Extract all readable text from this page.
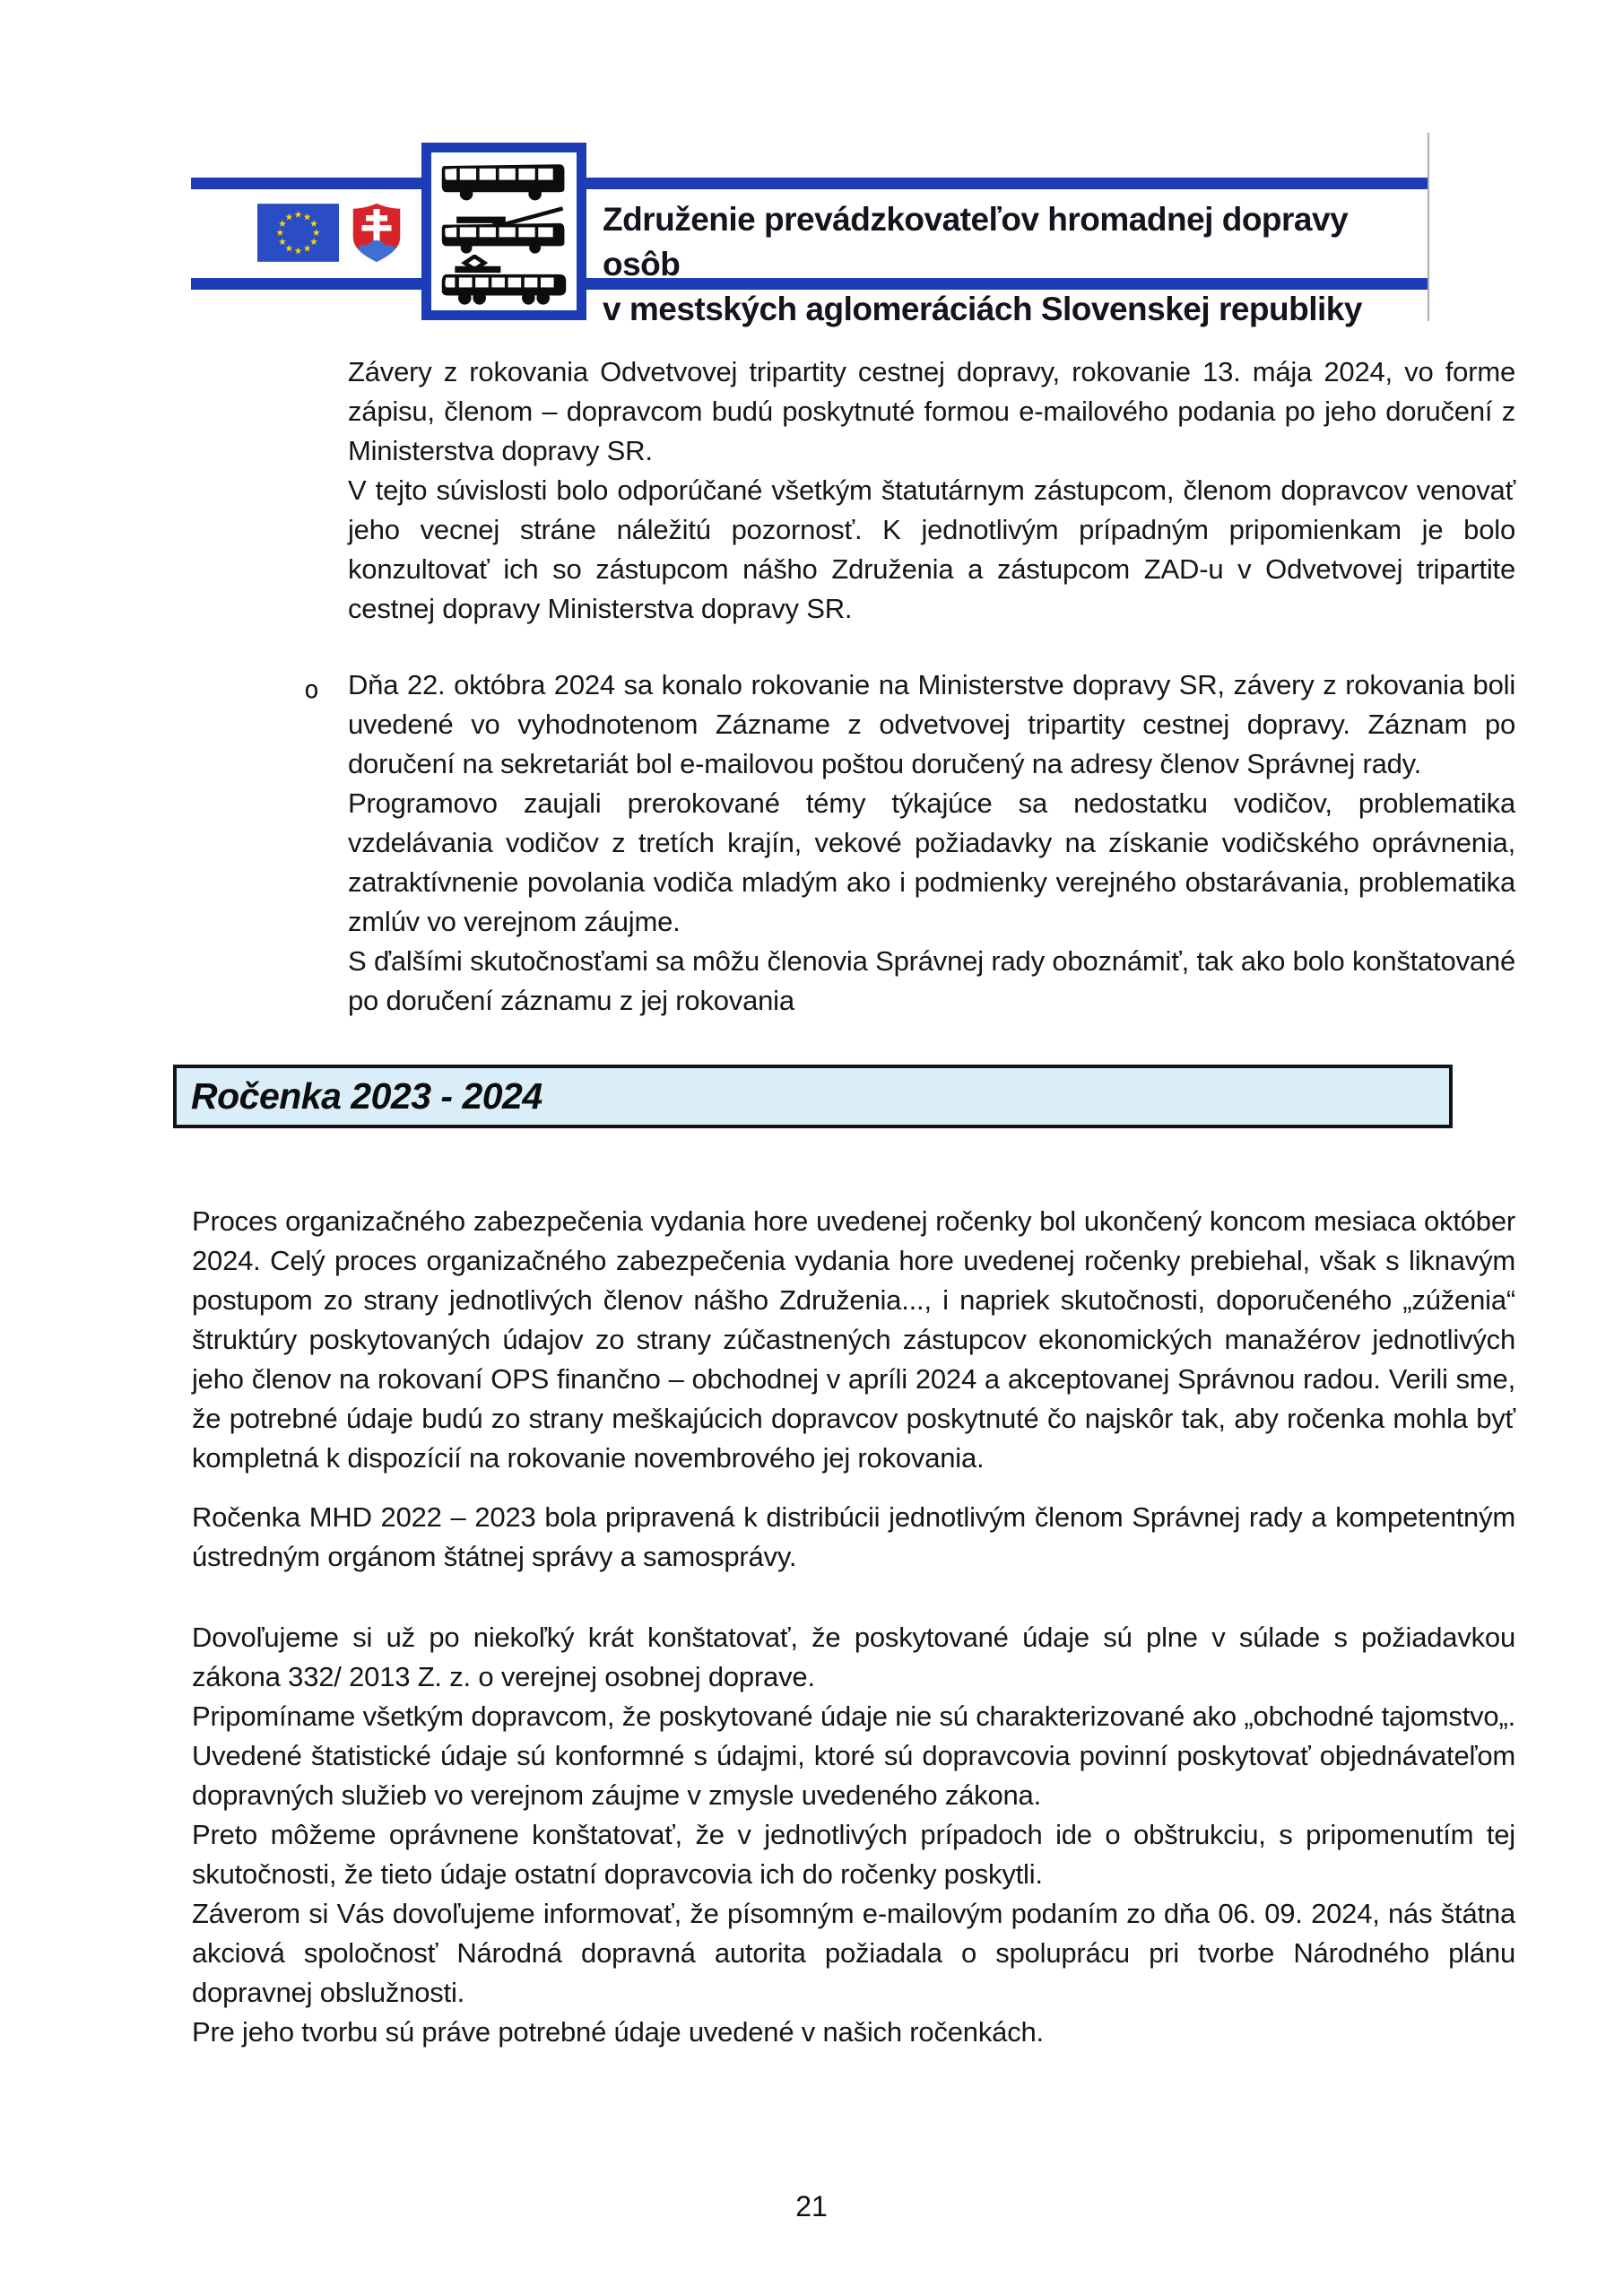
Združenie prevádzkovateľov hromadnej dopravy osôb
v mestských aglomeráciách Slovenskej republiky

Závery z rokovania Odvetvovej tripartity cestnej dopravy, rokovanie 13. mája 2024, vo forme zápisu, členom – dopravcom budú poskytnuté formou e-mailového podania po jeho doručení z Ministerstva dopravy SR.

V tejto súvislosti bolo odporúčané všetkým štatutárnym zástupcom, členom dopravcov venovať jeho vecnej stráne náležitú pozornosť. K jednotlivým prípadným pripomienkam je bolo konzultovať ich so zástupcom nášho Združenia a zástupcom ZAD-u v Odvetvovej tripartite cestnej dopravy Ministerstva dopravy SR.

o Dňa 22. októbra 2024 sa konalo rokovanie na Ministerstve dopravy SR, závery z rokovania boli uvedené vo vyhodnotenom Zázname z odvetvovej tripartity cestnej dopravy. Záznam po doručení na sekretariát bol e-mailovou poštou doručený na adresy členov Správnej rady.

Programovo zaujali prerokované témy týkajúce sa nedostatku vodičov, problematika vzdelávania vodičov z tretích krajín, vekové požiadavky na získanie vodičského oprávnenia, zatraktívnenie povolania vodiča mladým ako i podmienky verejného obstarávania, problematika zmlúv vo verejnom záujme.

S ďalšími skutočnosťami sa môžu členovia Správnej rady oboznámiť, tak ako bolo konštatované po doručení záznamu z jej rokovania

Ročenka 2023 - 2024

Proces organizačného zabezpečenia vydania hore uvedenej ročenky bol ukončený koncom mesiaca október 2024. Celý proces organizačného zabezpečenia vydania hore uvedenej ročenky prebiehal, však s liknavým postupom zo strany jednotlivých členov nášho Združenia..., i napriek skutočnosti, doporučeného „zúženia“ štruktúry poskytovaných údajov zo strany zúčastnených zástupcov ekonomických manažérov jednotlivých jeho členov na rokovaní OPS finančno – obchodnej v apríli 2024 a akceptovanej Správnou radou. Verili sme, že potrebné údaje budú zo strany meškajúcich dopravcov poskytnuté čo najskôr tak, aby ročenka mohla byť kompletná k dispozícií na rokovanie novembrového jej rokovania.

Ročenka MHD 2022 – 2023 bola pripravená k distribúcii jednotlivým členom Správnej rady a kompetentným ústredným orgánom štátnej správy a samosprávy.

Dovoľujeme si už po niekoľký krát konštatovať, že poskytované údaje sú plne v súlade s požiadavkou zákona 332/ 2013 Z. z. o verejnej osobnej doprave.

Pripomíname všetkým dopravcom, že poskytované údaje nie sú charakterizované ako „obchodné tajomstvo„. Uvedené štatistické údaje sú konformné s údajmi, ktoré sú dopravcovia povinní poskytovať objednávateľom dopravných služieb vo verejnom záujme v zmysle uvedeného zákona.

Preto môžeme oprávnene konštatovať, že v jednotlivých prípadoch ide o obštrukciu, s pripomenutím tej skutočnosti, že tieto údaje ostatní dopravcovia ich do ročenky poskytli.

Záverom si Vás dovoľujeme informovať, že písomným e-mailovým podaním zo dňa 06. 09. 2024, nás štátna akciová spoločnosť Národná dopravná autorita požiadala o spoluprácu pri tvorbe Národného plánu dopravnej obslužnosti.

Pre jeho tvorbu sú práve potrebné údaje uvedené v našich ročenkách.

21
